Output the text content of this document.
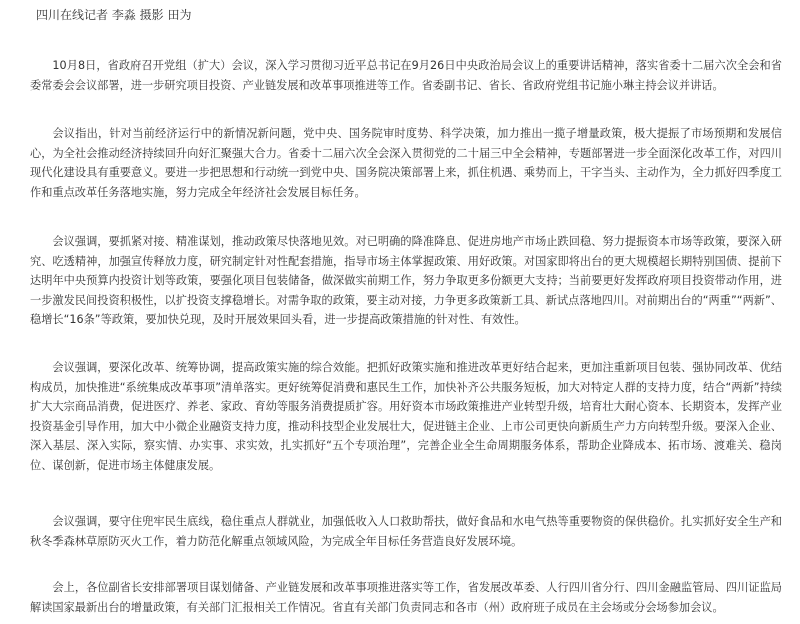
四川在线记者 李淼 摄影 田为

10月8日，省政府召开党组（扩大）会议，深入学习贯彻习近平总书记在9月26日中央政治局会议上的重要讲话精神，落实省委十二届六次全会和省委常委会会议部署，进一步研究项目投资、产业链发展和改革事项推进等工作。省委副书记、省长、省政府党组书记施小琳主持会议并讲话。

会议指出，针对当前经济运行中的新情况新问题，党中央、国务院审时度势、科学决策，加力推出一揽子增量政策，极大提振了市场预期和发展信心，为全社会推动经济持续回升向好汇聚强大合力。省委十二届六次全会深入贯彻党的二十届三中全会精神，专题部署进一步全面深化改革工作，对四川现代化建设具有重要意义。要进一步把思想和行动统一到党中央、国务院决策部署上来，抓住机遇、乘势而上，干字当头、主动作为，全力抓好四季度工作和重点改革任务落地实施，努力完成全年经济社会发展目标任务。

会议强调，要抓紧对接、精准谋划，推动政策尽快落地见效。对已明确的降准降息、促进房地产市场止跌回稳、努力提振资本市场等政策，要深入研究、吃透精神，加强宣传释放力度，研究制定针对性配套措施，指导市场主体掌握政策、用好政策。对国家即将出台的更大规模超长期特别国债、提前下达明年中央预算内投资计划等政策，要强化项目包装储备，做深做实前期工作，努力争取更多份额更大支持；当前要更好发挥政府项目投资带动作用，进一步激发民间投资积极性，以扩投资支撑稳增长。对需争取的政策，要主动对接，力争更多政策新工具、新试点落地四川。对前期出台的“两重”“两新”、稳增长“16条”等政策，要加快兑现，及时开展效果回头看，进一步提高政策措施的针对性、有效性。

会议强调，要深化改革、统筹协调，提高政策实施的综合效能。把抓好政策实施和推进改革更好结合起来，更加注重新项目包装、强协同改革、优结构成员，加快推进“系统集成改革事项”清单落实。更好统筹促消费和惠民生工作，加快补齐公共服务短板，加大对特定人群的支持力度，结合“两新”持续扩大大宗商品消费，促进医疗、养老、家政、育幼等服务消费提质扩容。用好资本市场政策推进产业转型升级，培育壮大耐心资本、长期资本，发挥产业投资基金引导作用，加大中小微企业融资支持力度，推动科技型企业发展壮大，促进链主企业、上市公司更快向新质生产力方向转型升级。要深入企业、深入基层、深入实际，察实情、办实事、求实效，扎实抓好“五个专项治理”，完善企业全生命周期服务体系，帮助企业降成本、拓市场、渡难关、稳岗位、谋创新，促进市场主体健康发展。

会议强调，要守住兜牢民生底线，稳住重点人群就业，加强低收入人口救助帮扶，做好食品和水电气热等重要物资的保供稳价。扎实抓好安全生产和秋冬季森林草原防灭火工作，着力防范化解重点领域风险，为完成全年目标任务营造良好发展环境。

会上，各位副省长安排部署项目谋划储备、产业链发展和改革事项推进落实等工作，省发展改革委、人行四川省分行、四川金融监管局、四川证监局解读国家最新出台的增量政策，有关部门汇报相关工作情况。省直有关部门负责同志和各市（州）政府班子成员在主会场或分会场参加会议。
